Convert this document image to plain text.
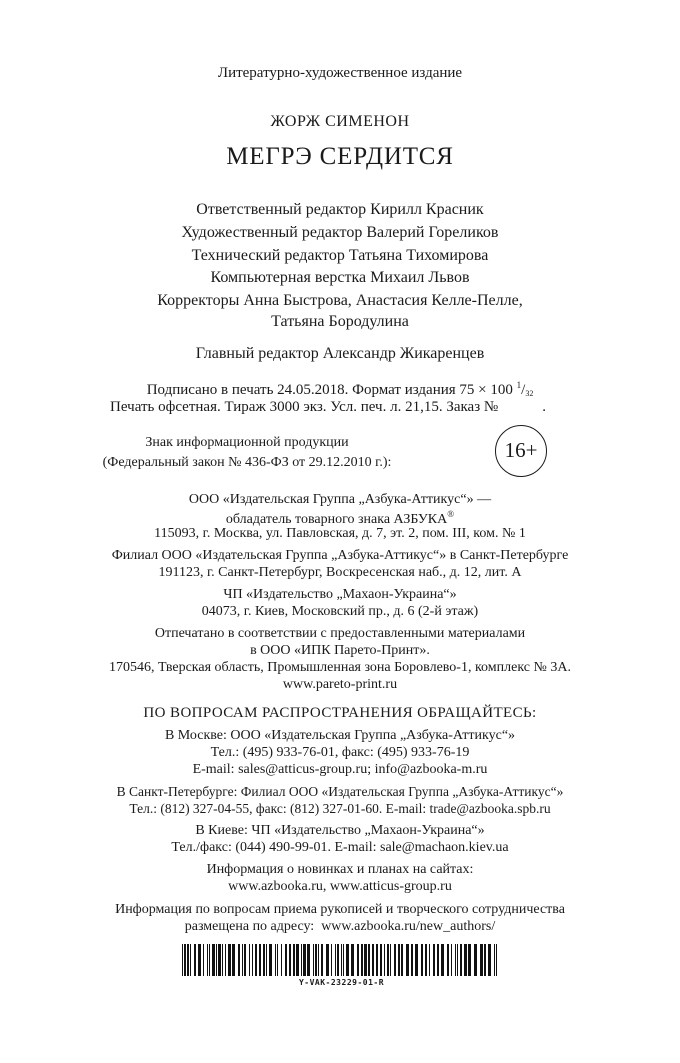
Литературно-художественное издание
ЖОРЖ СИМЕНОН
МЕГРЭ СЕРДИТСЯ
Ответственный редактор Кирилл Красник
Художественный редактор Валерий Гореликов
Технический редактор Татьяна Тихомирова
Компьютерная верстка Михаил Львов
Корректоры Анна Быстрова, Анастасия Келле-Пелле,
Татьяна Бородулина
Главный редактор Александр Жикаренцев
Подписано в печать 24.05.2018. Формат издания 75 × 100 $^1/_{32}$
Печать офсетная. Тираж 3000 экз. Усл. печ. л. 21,15. Заказ №	.
Знак информационной продукции
(Федеральный закон № 436-ФЗ от 29.12.2010 г.):
16+
ООО «Издательская Группа „Азбука-Аттикус“» —
обладатель товарного знака АЗБУКА®
115093, г. Москва, ул. Павловская, д. 7, эт. 2, пом. III, ком. № 1
Филиал ООО «Издательская Группа „Азбука-Аттикус“» в Санкт-Петербурге
191123, г. Санкт-Петербург, Воскресенская наб., д. 12, лит. А
ЧП «Издательство „Махаон-Украина“»
04073, г. Киев, Московский пр., д. 6 (2-й этаж)
Отпечатано в соответствии с предоставленными материалами
в ООО «ИПК Парето-Принт».
170546, Тверская область, Промышленная зона Боровлево-1, комплекс № 3А.
www.pareto-print.ru
ПО ВОПРОСАМ РАСПРОСТРАНЕНИЯ ОБРАЩАЙТЕСЬ:
В Москве: ООО «Издательская Группа „Азбука-Аттикус“»
Тел.: (495) 933-76-01, факс: (495) 933-76-19
E-mail: sales@atticus-group.ru; info@azbooka-m.ru
В Санкт-Петербурге: Филиал ООО «Издательская Группа „Азбука-Аттикус“»
Тел.: (812) 327-04-55, факс: (812) 327-01-60. E-mail: trade@azbooka.spb.ru
В Киеве: ЧП «Издательство „Махаон-Украина“»
Тел./факс: (044) 490-99-01. E-mail: sale@machaon.kiev.ua
Информация о новинках и планах на сайтах:
www.azbooka.ru, www.atticus-group.ru
Информация по вопросам приема рукописей и творческого сотрудничества
размещена по адресу:  www.azbooka.ru/new_authors/
Y-VAK-23229-01-R
